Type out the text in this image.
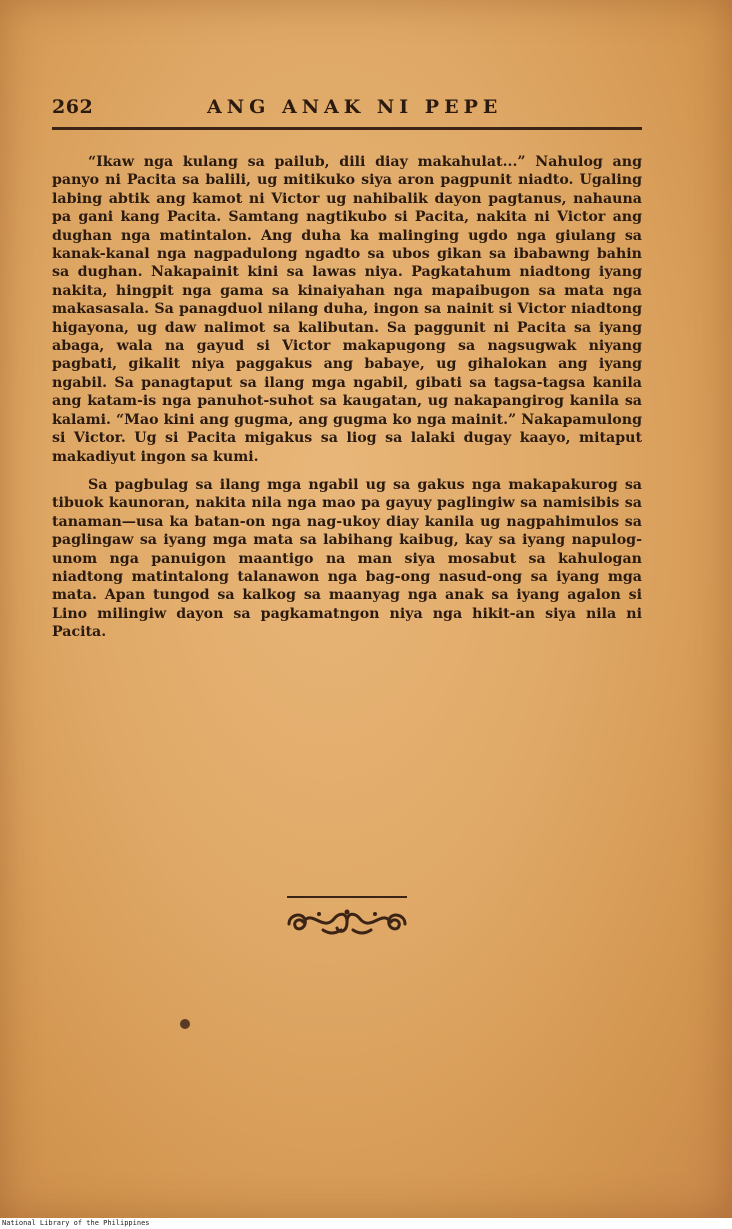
262	ANG ANAK NI PEPE

“Ikaw nga kulang sa pailub, dili diay makahulat...” Nahulog ang panyo ni Pacita sa balili, ug mitikuko siya aron pagpunit niadto. Ugaling labing abtik ang kamot ni Victor ug nahibalik dayon pagtanus, nahauna pa gani kang Pacita. Samtang nagtikubo si Pacita, nakita ni Victor ang dughan nga matintalon. Ang duha ka malinging ugdo nga giulang sa kanak-kanal nga nagpadulong ngadto sa ubos gikan sa ibabawng bahin sa dughan. Nakapainit kini sa lawas niya. Pagkatahum niadtong iyang nakita, hingpit nga gama sa kinaiyahan nga mapaibugon sa mata nga makasasala. Sa panagduol nilang duha, ingon sa nainit si Victor niadtong higayona, ug daw nalimot sa kalibutan. Sa paggunit ni Pacita sa iyang abaga, wala na gayud si Victor makapugong sa nagsugwak niyang pagbati, gikalit niya paggakus ang babaye, ug gihalokan ang iyang ngabil. Sa panagtaput sa ilang mga ngabil, gibati sa tagsa-tagsa kanila ang katam-is nga panuhot-suhot sa kaugatan, ug nakapangirog kanila sa kalami. “Mao kini ang gugma, ang gugma ko nga mainit.” Nakapamulong si Victor. Ug si Pacita migakus sa liog sa lalaki dugay kaayo, mitaput makadiyut ingon sa kumi.

Sa pagbulag sa ilang mga ngabil ug sa gakus nga makapakurog sa tibuok kaunoran, nakita nila nga mao pa gayuy paglingiw sa namisibis sa tanaman—usa ka batan-on nga nag-ukoy diay kanila ug nagpahimulos sa paglingaw sa iyang mga mata sa labihang kaibug, kay sa iyang napulog-unom nga panuigon maantigo na man siya mosabut sa kahulogan niadtong matintalong talanawon nga bag-ong nasud-ong sa iyang mga mata. Apan tungod sa kalkog sa maanyag nga anak sa iyang agalon si Lino milingiw dayon sa pagkamatngon niya nga hikit-an siya nila ni Pacita.

National Library of the Philippines
